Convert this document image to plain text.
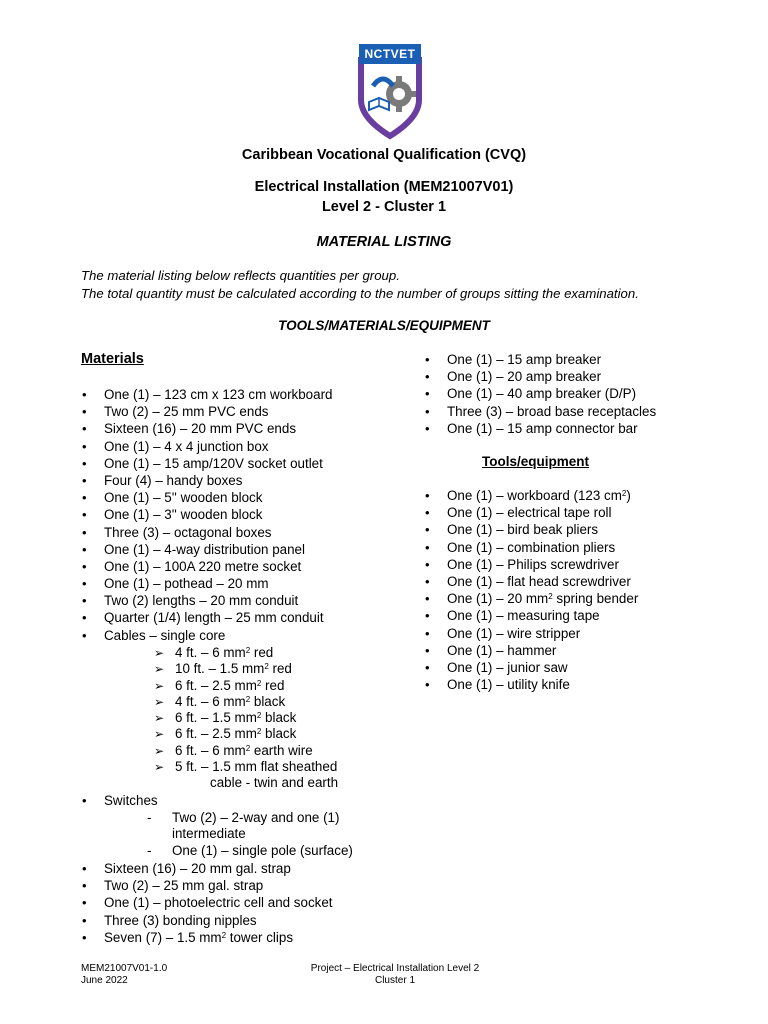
NCTVET
Caribbean Vocational Qualification (CVQ)
Electrical Installation (MEM21007V01)
Level 2 - Cluster 1
MATERIAL LISTING
The material listing below reflects quantities per group.
The total quantity must be calculated according to the number of groups sitting the examination.
TOOLS/MATERIALS/EQUIPMENT
Materials
• One (1) – 123 cm x 123 cm workboard
• Two (2) – 25 mm PVC ends
• Sixteen (16) – 20 mm PVC ends
• One (1) – 4 x 4 junction box
• One (1) – 15 amp/120V socket outlet
• Four (4) – handy boxes
• One (1) – 5'' wooden block
• One (1) – 3'' wooden block
• Three (3) – octagonal boxes
• One (1) – 4-way distribution panel
• One (1) – 100A 220 metre socket
• One (1) – pothead – 20 mm
• Two (2) lengths – 20 mm conduit
• Quarter (1/4) length – 25 mm conduit
• Cables – single core
➢ 4 ft. – 6 $mm^2$ red
➢ 10 ft. – 1.5 $mm^2$ red
➢ 6 ft. – 2.5 $mm^2$ red
➢ 4 ft. – 6 $mm^2$ black
➢ 6 ft. – 1.5 $mm^2$ black
➢ 6 ft. – 2.5 $mm^2$ black
➢ 6 ft. – 6 $mm^2$ earth wire
➢ 5 ft. – 1.5 mm flat sheathed
cable - twin and earth
• Switches
- Two (2) – 2-way and one (1)
intermediate
- One (1) – single pole (surface)
• Sixteen (16) – 20 mm gal. strap
• Two (2) – 25 mm gal. strap
• One (1) – photoelectric cell and socket
• Three (3) bonding nipples
• Seven (7) – 1.5 $mm^2$ tower clips
• One (1) – 15 amp breaker
• One (1) – 20 amp breaker
• One (1) – 40 amp breaker (D/P)
• Three (3) – broad base receptacles
• One (1) – 15 amp connector bar
Tools/equipment
• One (1) – workboard (123 $cm^2$)
• One (1) – electrical tape roll
• One (1) – bird beak pliers
• One (1) – combination pliers
• One (1) – Philips screwdriver
• One (1) – flat head screwdriver
• One (1) – 20 $mm^2$ spring bender
• One (1) – measuring tape
• One (1) – wire stripper
• One (1) – hammer
• One (1) – junior saw
• One (1) – utility knife
MEM21007V01-1.0
June 2022
Project – Electrical Installation Level 2
Cluster 1
